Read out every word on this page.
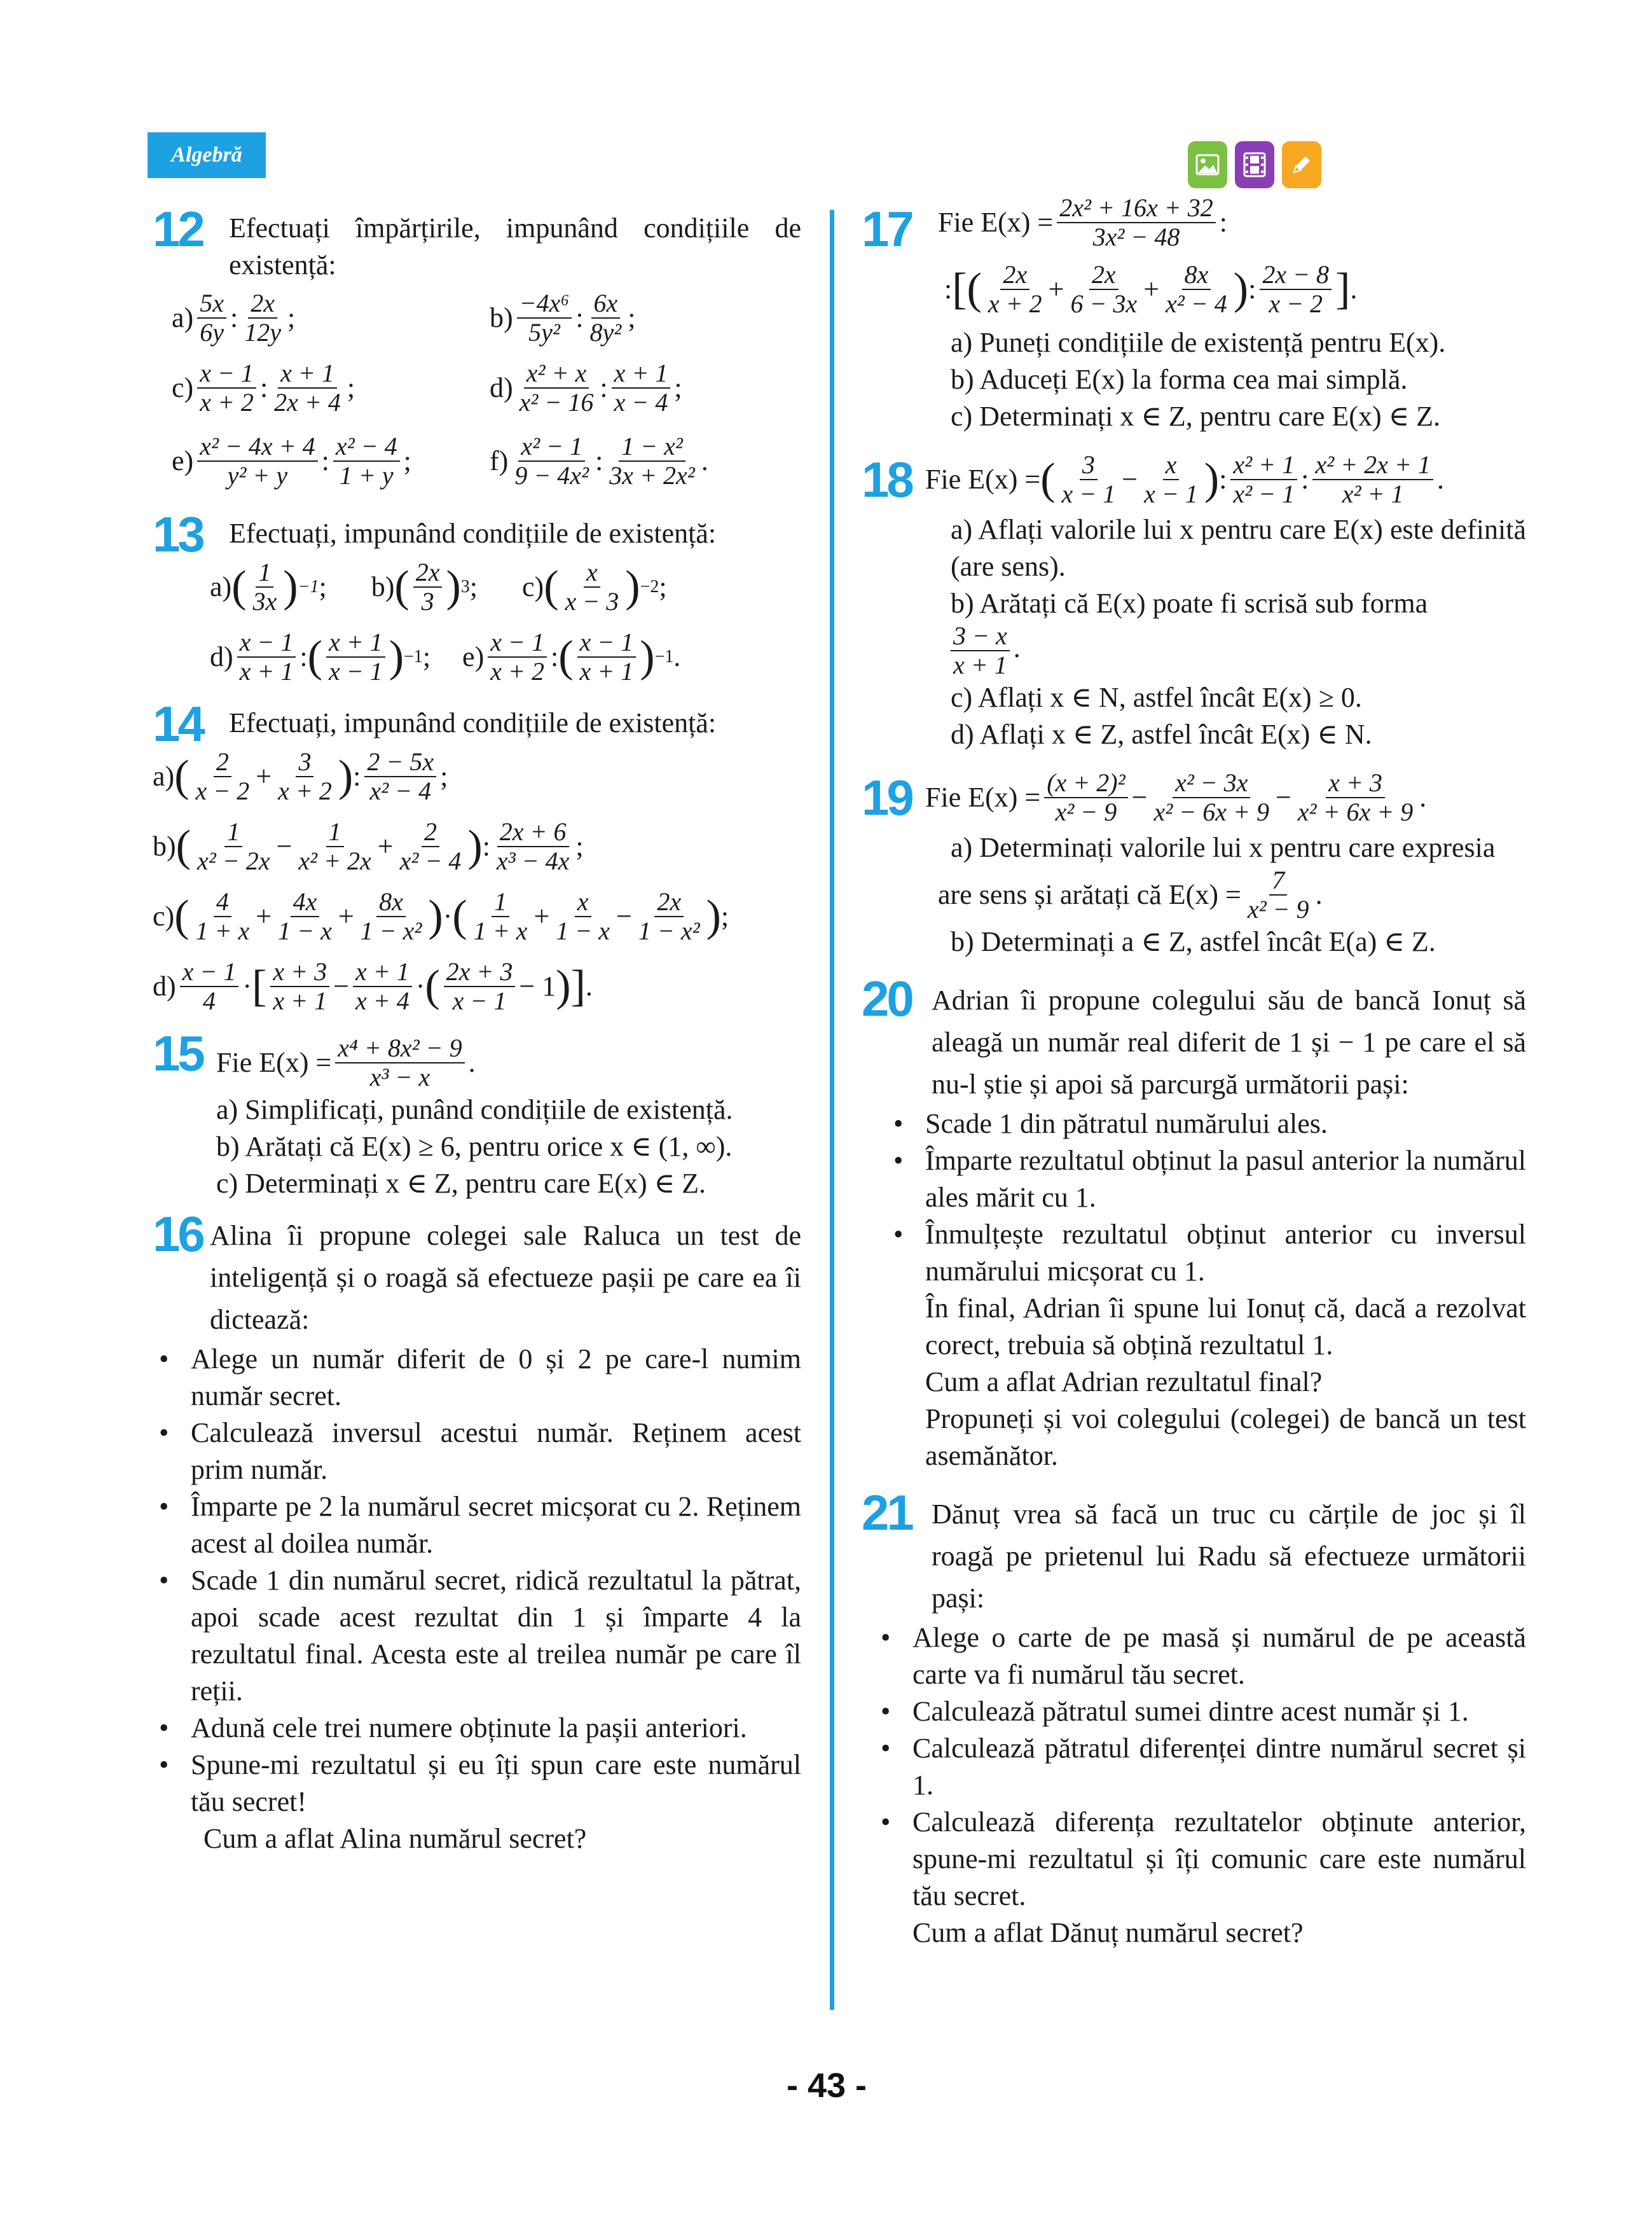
Algebră
12 Efectuați împărțirile, impunând condițiile de existență:
$a) \frac{5x}{6y}$ : $\frac{2x}{12y}$ ;	$b) \frac{\text{−4x⁶}}{\text{5y²}}$ : $\frac{6x}{\text{8y²}}$ ;
$c) \frac{x - 1}{x + 2}$ : $\frac{x + 1}{2x + 4}$ ;	$d) \frac{\text{x² + x}}{\text{x² − 16}}$ : $\frac{x + 1}{x - 4}$ ;
$e) \frac{\text{x² − 4x + 4}}{\text{y² + y}}$ : $\frac{\text{x² − 4}}{1 + y}$ ;	$f) \frac{\text{x² − 1}}{\text{9 − 4x²}}$ : $\frac{\text{1 − x²}}{\text{3x + 2x²}}$ .
13 Efectuați, impunând condițiile de existență:
a) ( $\frac{1}{3x}$ ) −1 ; b) ( $\frac{2x}{3}$ ) 3 ; c) ( $\frac{x}{x - 3}$ ) −2 ;
$d) \frac{x - 1}{x + 1}$ : ( $\frac{x + 1}{x - 1}$ ) −1 ; $e) \frac{x - 1}{x + 2}$ : ( $\frac{x - 1}{x + 1}$ ) −1 .
14 Efectuați, impunând condițiile de existență:
a) ( $\frac{2}{x - 2} + \frac{3}{x + 2}$ ) : $\frac{2 - 5x}{\text{x² − 4}}$ ;
b) ( $\frac{1}{\text{x² − 2x}} - \frac{1}{\text{x² + 2x}} + \frac{2}{\text{x² − 4}}$ ) : $\frac{2x + 6}{\text{x³ − 4x}}$ ;
c) ( $\frac{4}{1 + x} + \frac{4x}{1 - x} + \frac{8x}{\text{1 − x²}}$ ) · ( $\frac{1}{1 + x} + \frac{x}{1 - x} - \frac{2x}{\text{1 − x²}}$ ) ;
$d) \frac{x - 1}{4}$ · [ $\frac{x + 3}{x + 1} - \frac{x + 1}{x + 4}$ · ( $\frac{2x + 3}{x - 1} - 1$ ) ] .
15 Fie $E(x) = \frac{\text{x⁴ + 8x² − 9}}{\text{x³ − x}}$ .
a) Simplificați, punând condițiile de existență.
b) Arătați că E(x) ≥ 6, pentru orice x ∈ (1, ∞).
c) Determinați x ∈ Z, pentru care E(x) ∈ Z.
16 Alina îi propune colegei sale Raluca un test de inteligență și o roagă să efectueze pașii pe care ea îi dictează:
• Alege un număr diferit de 0 și 2 pe care-l numim număr secret.
• Calculează inversul acestui număr. Reținem acest prim număr.
• Împarte pe 2 la numărul secret micșorat cu 2. Reținem acest al doilea număr.
• Scade 1 din numărul secret, ridică rezultatul la pătrat, apoi scade acest rezultat din 1 și împarte 4 la rezultatul final. Acesta este al treilea număr pe care îl reții.
• Adună cele trei numere obținute la pașii anteriori.
• Spune-mi rezultatul și eu îți spun care este numărul tău secret!
Cum a aflat Alina numărul secret?
17 Fie $E(x) = \frac{\text{2x² + 16x + 32}}{\text{3x² − 48}}$ :
: [ ( $\frac{2x}{x + 2} + \frac{2x}{6 - 3x} + \frac{8x}{\text{x² − 4}}$ ) : $\frac{2x - 8}{x - 2}$ ] .
a) Puneți condițiile de existență pentru E(x).
b) Aduceți E(x) la forma cea mai simplă.
c) Determinați x ∈ Z, pentru care E(x) ∈ Z.
18 Fie E(x) = ( $\frac{3}{x - 1} - \frac{x}{x - 1}$ ) : $\frac{\text{x² + 1}}{\text{x² − 1}}$ : $\frac{\text{x² + 2x + 1}}{\text{x² + 1}}$ .
a) Aflați valorile lui x pentru care E(x) este definită (are sens).
b) Arătați că E(x) poate fi scrisă sub forma
$\frac{3 - x}{x + 1}$ .
c) Aflați x ∈ N, astfel încât E(x) ≥ 0.
d) Aflați x ∈ Z, astfel încât E(x) ∈ N.
19 Fie $E(x) = \frac{\text{(x + 2)²}}{\text{x² − 9}} - \frac{\text{x² − 3x}}{\text{x² − 6x + 9}} - \frac{x + 3}{\text{x² + 6x + 9}}$ .
a) Determinați valorile lui x pentru care expresia
are sens și arătați că $E(x) = \frac{7}{\text{x² − 9}}$ .
b) Determinați a ∈ Z, astfel încât E(a) ∈ Z.
20 Adrian îi propune colegului său de bancă Ionuț să aleagă un număr real diferit de 1 și − 1 pe care el să nu-l știe și apoi să parcurgă următorii pași:
• Scade 1 din pătratul numărului ales.
• Împarte rezultatul obținut la pasul anterior la numărul ales mărit cu 1.
• Înmulțește rezultatul obținut anterior cu inversul numărului micșorat cu 1.
În final, Adrian îi spune lui Ionuț că, dacă a rezolvat corect, trebuia să obțină rezultatul 1.
Cum a aflat Adrian rezultatul final?
Propuneți și voi colegului (colegei) de bancă un test asemănător.
21 Dănuț vrea să facă un truc cu cărțile de joc și îl roagă pe prietenul lui Radu să efectueze următorii pași:
• Alege o carte de pe masă și numărul de pe această carte va fi numărul tău secret.
• Calculează pătratul sumei dintre acest număr și 1.
• Calculează pătratul diferenței dintre numărul secret și 1.
• Calculează diferența rezultatelor obținute anterior, spune-mi rezultatul și îți comunic care este numărul tău secret.
Cum a aflat Dănuț numărul secret?
- 43 -
